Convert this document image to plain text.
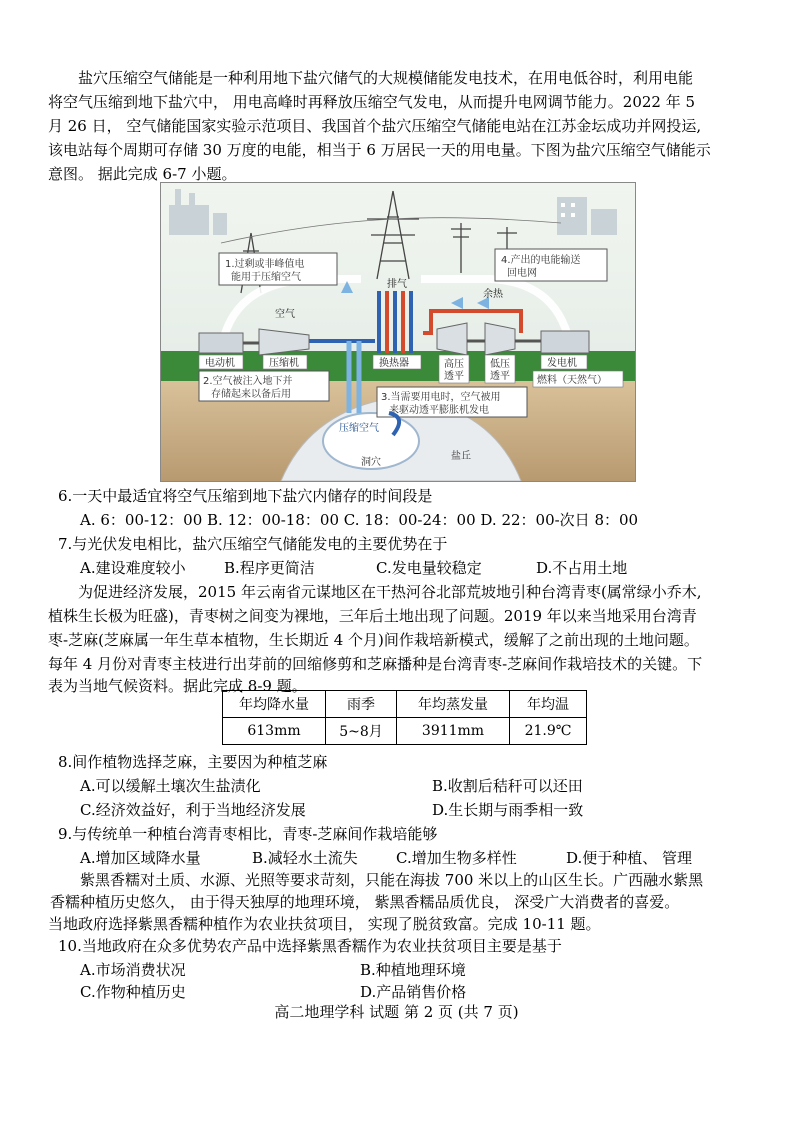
盐穴压缩空气储能是一种利用地下盐穴储气的大规模储能发电技术，在用电低谷时，利用电能
将空气压缩到地下盐穴中， 用电高峰时再释放压缩空气发电，从而提升电网调节能力。2022 年 5
月 26 日， 空气储能国家实验示范项目、我国首个盐穴压缩空气储能电站在江苏金坛成功并网投运,
该电站每个周期可存储 30 万度的电能，相当于 6 万居民一天的用电量。下图为盐穴压缩空气储能示
意图。 据此完成 6-7 小题。
1.过剩或非峰值电
能用于压缩空气
4.产出的电能输送
回电网
电动机	压缩机	换热器	高压
透平
低压
透平
发电机
空气
排气
余热
2.空气被注入地下并
存储起来以备后用	3.当需要用电时，空气被用
来驱动透平膨胀机发电
燃料（天然气）
压缩空气
洞穴
盐丘
6.一天中最适宜将空气压缩到地下盐穴内储存的时间段是
A. 6：00-12：00 B. 12：00-18：00 C. 18：00-24：00 D. 22：00-次日 8：00
7.与光伏发电相比，盐穴压缩空气储能发电的主要优势在于
A.建设难度较小	B.程序更简洁	C.发电量较稳定	D.不占用土地
为促进经济发展，2015 年云南省元谋地区在干热河谷北部荒坡地引种台湾青枣(属常绿小乔木,
植株生长极为旺盛)，青枣树之间变为裸地，三年后土地出现了问题。2019 年以来当地采用台湾青
枣-芝麻(芝麻属一年生草本植物，生长期近 4 个月)间作栽培新模式，缓解了之前出现的土地问题。
每年 4 月份对青枣主枝进行出芽前的回缩修剪和芝麻播种是台湾青枣-芝麻间作栽培技术的关键。下
表为当地气候资料。据此完成 8-9 题。
年均降水量	雨季	年均蒸发量	年均温
613mm	5~8月	3911mm	21.9℃
8.间作植物选择芝麻，主要因为种植芝麻
A.可以缓解土壤次生盐渍化	B.收割后秸秆可以还田
C.经济效益好，利于当地经济发展	D.生长期与雨季相一致
9.与传统单一种植台湾青枣相比，青枣-芝麻间作栽培能够
A.增加区域降水量	B.减轻水土流失	C.增加生物多样性	D.便于种植、 管理
紫黑香糯对土质、水源、光照等要求苛刻，只能在海拔 700 米以上的山区生长。广西融水紫黑
香糯种植历史悠久， 由于得天独厚的地理环境， 紫黑香糯品质优良， 深受广大消费者的喜爱。
当地政府选择紫黑香糯种植作为农业扶贫项目， 实现了脱贫致富。完成 10-11 题。
10.当地政府在众多优势农产品中选择紫黑香糯作为农业扶贫项目主要是基于
A.市场消费状况	B.种植地理环境
C.作物种植历史	D.产品销售价格
高二地理学科 试题 第 2 页 (共 7 页)
